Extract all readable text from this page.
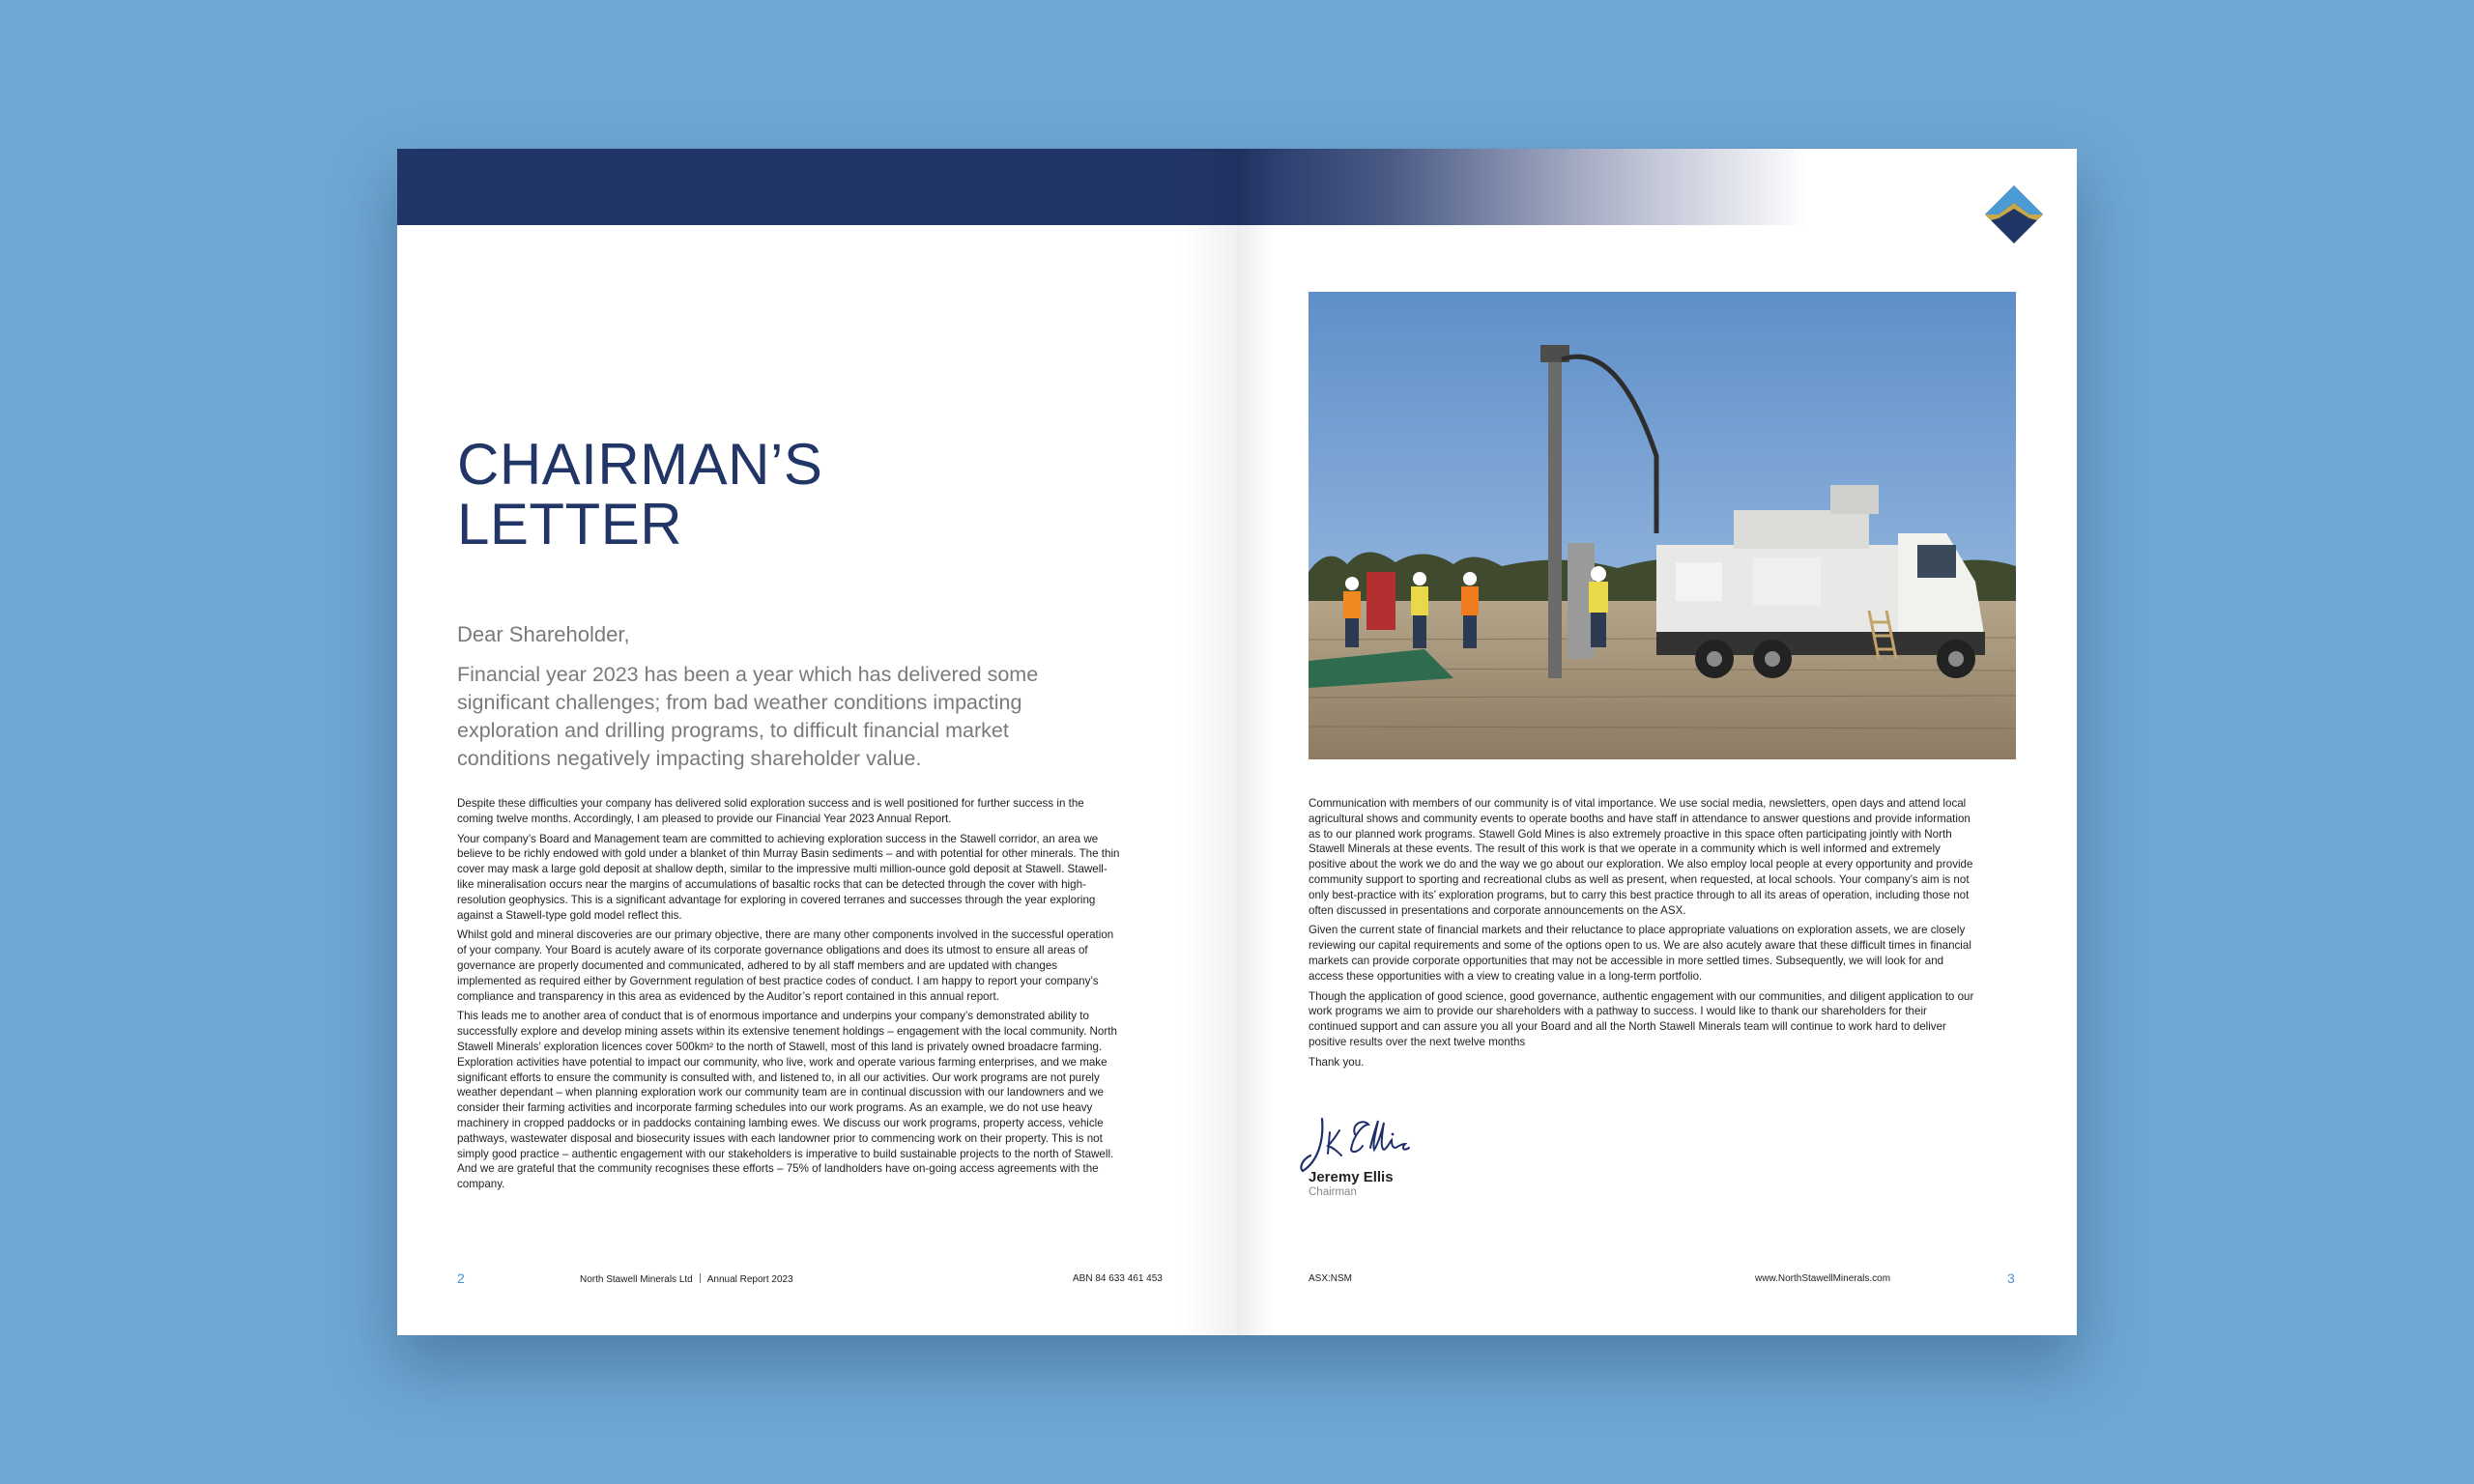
CHAIRMAN’S
LETTER

Dear Shareholder,

Financial year 2023 has been a year which has delivered some significant challenges; from bad weather conditions impacting exploration and drilling programs, to difficult financial market conditions negatively impacting shareholder value.

Despite these difficulties your company has delivered solid exploration success and is well positioned for further success in the coming twelve months. Accordingly, I am pleased to provide our Financial Year 2023 Annual Report.

Your company’s Board and Management team are committed to achieving exploration success in the Stawell corridor, an area we believe to be richly endowed with gold under a blanket of thin Murray Basin sediments – and with potential for other minerals. The thin cover may mask a large gold deposit at shallow depth, similar to the impressive multi million-ounce gold deposit at Stawell. Stawell-like mineralisation occurs near the margins of accumulations of basaltic rocks that can be detected through the cover with high-resolution geophysics. This is a significant advantage for exploring in covered terranes and successes through the year exploring against a Stawell-type gold model reflect this.

Whilst gold and mineral discoveries are our primary objective, there are many other components involved in the successful operation of your company. Your Board is acutely aware of its corporate governance obligations and does its utmost to ensure all areas of governance are properly documented and communicated, adhered to by all staff members and are updated with changes implemented as required either by Government regulation of best practice codes of conduct. I am happy to report your company’s compliance and transparency in this area as evidenced by the Auditor’s report contained in this annual report.

This leads me to another area of conduct that is of enormous importance and underpins your company’s demonstrated ability to successfully explore and develop mining assets within its extensive tenement holdings – engagement with the local community. North Stawell Minerals’ exploration licences cover 500km² to the north of Stawell, most of this land is privately owned broadacre farming. Exploration activities have potential to impact our community, who live, work and operate various farming enterprises, and we make significant efforts to ensure the community is consulted with, and listened to, in all our activities. Our work programs are not purely weather dependant – when planning exploration work our community team are in continual discussion with our landowners and we consider their farming activities and incorporate farming schedules into our work programs. As an example, we do not use heavy machinery in cropped paddocks or in paddocks containing lambing ewes. We discuss our work programs, property access, vehicle pathways, wastewater disposal and biosecurity issues with each landowner prior to commencing work on their property. This is not simply good practice – authentic engagement with our stakeholders is imperative to build sustainable projects to the north of Stawell. And we are grateful that the community recognises these efforts – 75% of landholders have on-going access agreements with the company.

2	North Stawell Minerals Ltd Annual Report 2023	ABN 84 633 461 453

Communication with members of our community is of vital importance. We use social media, newsletters, open days and attend local agricultural shows and community events to operate booths and have staff in attendance to answer questions and provide information as to our planned work programs. Stawell Gold Mines is also extremely proactive in this space often participating jointly with North Stawell Minerals at these events. The result of this work is that we operate in a community which is well informed and extremely positive about the work we do and the way we go about our exploration. We also employ local people at every opportunity and provide community support to sporting and recreational clubs as well as present, when requested, at local schools. Your company’s aim is not only best-practice with its’ exploration programs, but to carry this best practice through to all its areas of operation, including those not often discussed in presentations and corporate announcements on the ASX.

Given the current state of financial markets and their reluctance to place appropriate valuations on exploration assets, we are closely reviewing our capital requirements and some of the options open to us. We are also acutely aware that these difficult times in financial markets can provide corporate opportunities that may not be accessible in more settled times. Subsequently, we will look for and access these opportunities with a view to creating value in a long-term portfolio.

Though the application of good science, good governance, authentic engagement with our communities, and diligent application to our work programs we aim to provide our shareholders with a pathway to success. I would like to thank our shareholders for their continued support and can assure you all your Board and all the North Stawell Minerals team will continue to work hard to deliver positive results over the next twelve months

Thank you.

Jeremy Ellis
Chairman
ASX:NSM	www.NorthStawellMinerals.com	3
